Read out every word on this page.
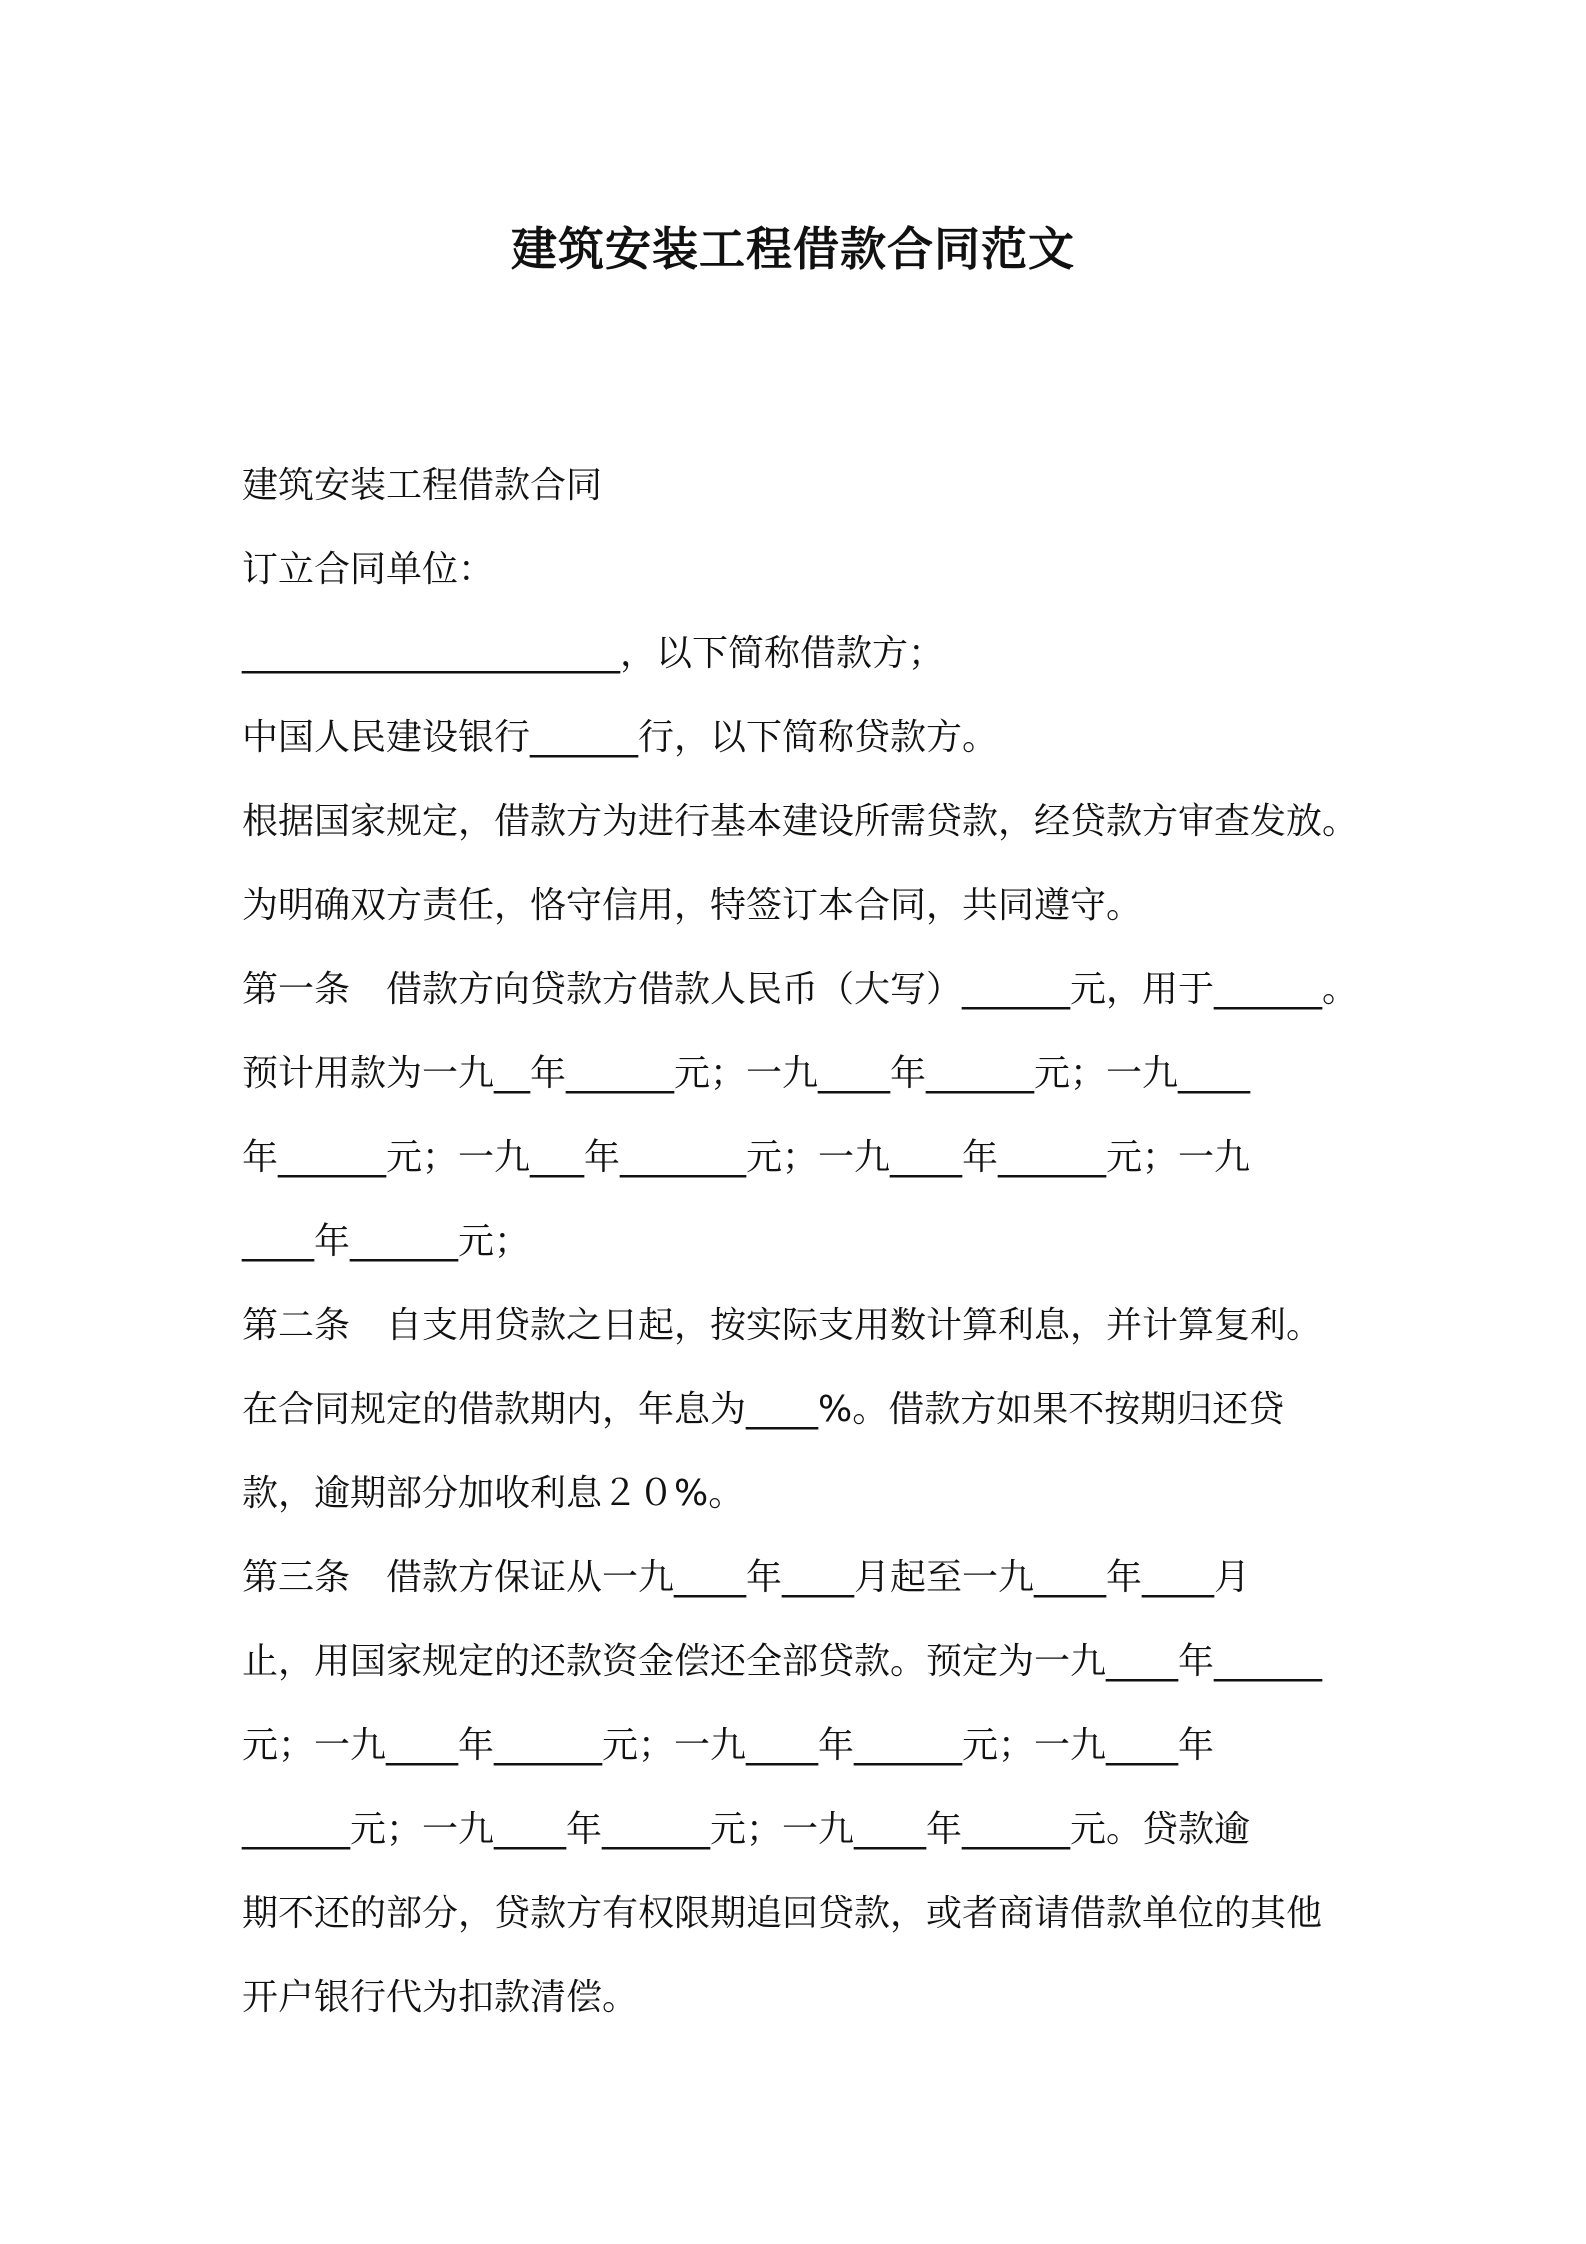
建筑安装工程借款合同范文

建筑安装工程借款合同

订立合同单位：

_____________________，以下简称借款方；

中国人民建设银行______行，以下简称贷款方。

根据国家规定，借款方为进行基本建设所需贷款，经贷款方审查发放。

为明确双方责任，恪守信用，特签订本合同，共同遵守。

第一条　借款方向贷款方借款人民币（大写）______元，用于______。

预计用款为一九__年______元；一九____年______元；一九____

年______元；一九___年_______元；一九____年______元；一九

____年______元；

第二条　自支用贷款之日起，按实际支用数计算利息，并计算复利。

在合同规定的借款期内，年息为____%。借款方如果不按期归还贷

款，逾期部分加收利息２０%。

第三条　借款方保证从一九____年____月起至一九____年____月

止，用国家规定的还款资金偿还全部贷款。预定为一九____年______

元；一九____年______元；一九____年______元；一九____年

______元；一九____年______元；一九____年______元。贷款逾

期不还的部分，贷款方有权限期追回贷款，或者商请借款单位的其他

开户银行代为扣款清偿。
